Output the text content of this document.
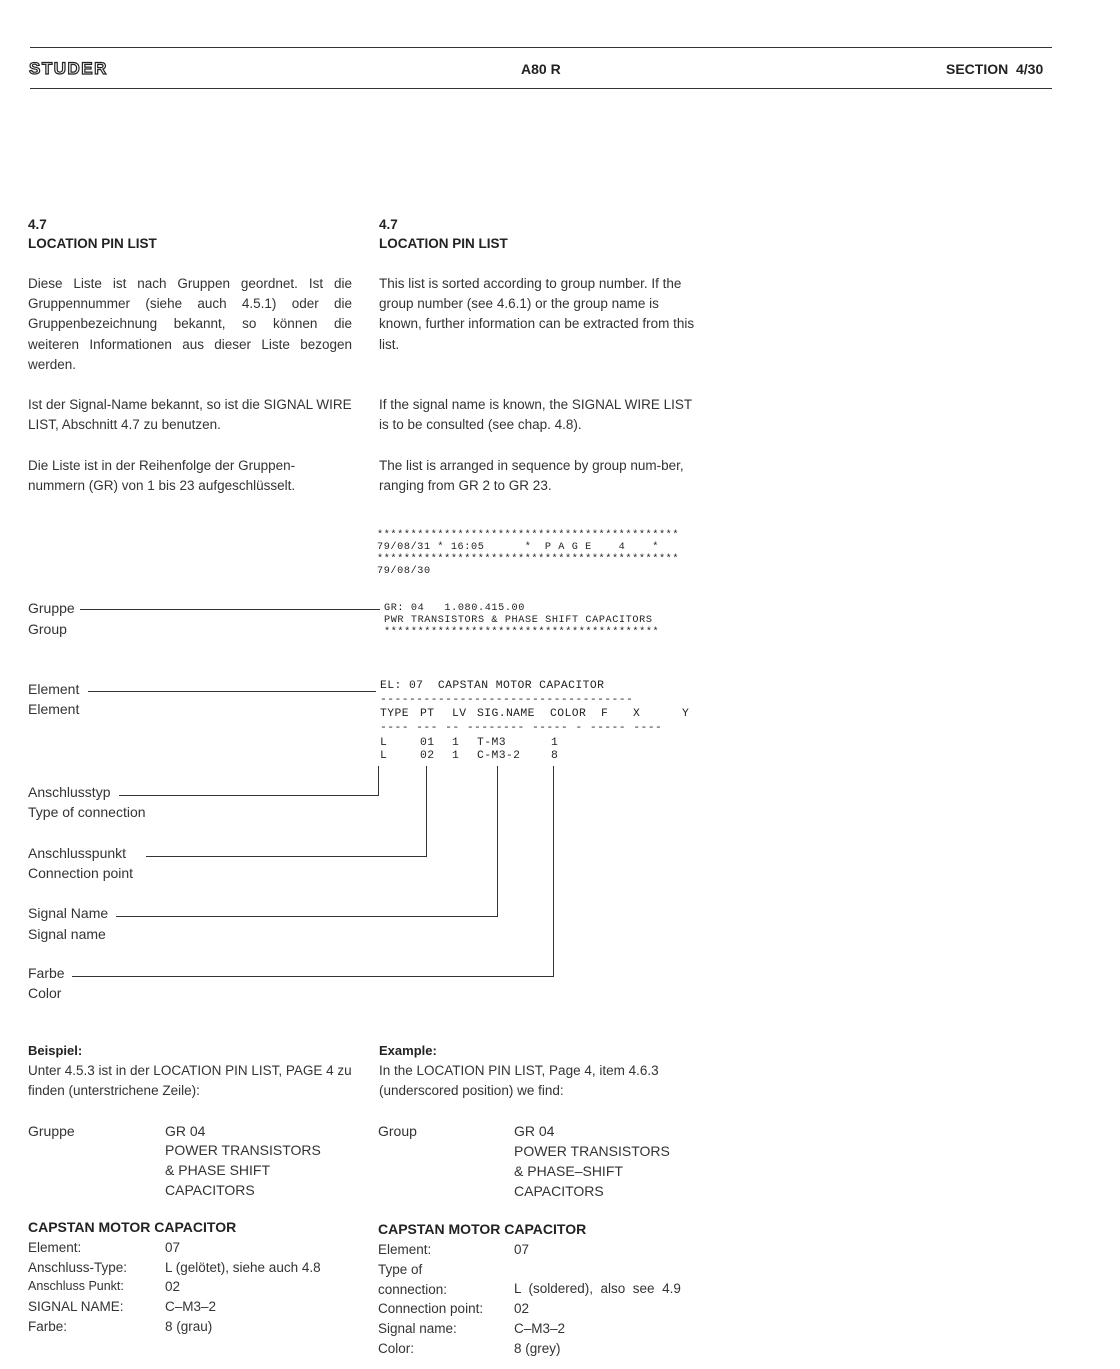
STUDER	A80 R	SECTION  4/30
4.7
LOCATION PIN LIST
Diese Liste ist nach Gruppen geordnet. Ist die Gruppennummer (siehe auch 4.5.1) oder die Gruppenbezeichnung bekannt, so können die weiteren Informationen aus dieser Liste bezogen werden.
Ist der Signal-Name bekannt, so ist die SIGNAL WIRE LIST, Abschnitt 4.7 zu benutzen.
Die Liste ist in der Reihenfolge der Gruppen-nummern (GR) von 1 bis 23 aufgeschlüsselt.
4.7
LOCATION PIN LIST
This list is sorted according to group number. If the group number (see 4.6.1) or the group name is known, further information can be extracted from this list.
If the signal name is known, the SIGNAL WIRE LIST is to be consulted (see chap. 4.8).
The list is arranged in sequence by group num-ber, ranging from GR 2 to GR 23.
*********************************************
79/08/31 * 16:05      *  P A G E    4    *
*********************************************
79/08/30
GR: 04   1.080.415.00
PWR TRANSISTORS & PHASE SHIFT CAPACITORS
*****************************************
EL: 07  CAPSTAN MOTOR CAPACITOR
-----------------------------------
TYPE PT LV SIG.NAME COLOR F X	Y
---- --- -- -------- ----- - ----- ----
L	01 1 T-M3	1
L	02 1 C-M3-2	8
Gruppe
Group
Element
Element
Anschlusstyp
Type of connection
Anschlusspunkt
Connection point
Signal Name
Signal name
Farbe
Color
Beispiel:
Unter 4.5.3 ist in der LOCATION PIN LIST, PAGE 4 zu finden (unterstrichene Zeile):
Gruppe	GR 04
POWER TRANSISTORS
& PHASE SHIFT
CAPACITORS
CAPSTAN MOTOR CAPACITOR
Element:	07
Anschluss-Type:	L (gelötet), siehe auch 4.8
Anschluss Punkt:	02
SIGNAL NAME:	C–M3–2
Farbe:	8 (grau)
Example:
In the LOCATION PIN LIST, Page 4, item 4.6.3 (underscored position) we find:
Group	GR 04
POWER TRANSISTORS
& PHASE–SHIFT
CAPACITORS
CAPSTAN MOTOR CAPACITOR
Element:	07
Type of
connection:	L  (soldered),  also  see  4.9
Connection point: 02
Signal name:	C–M3–2
Color:	8 (grey)
